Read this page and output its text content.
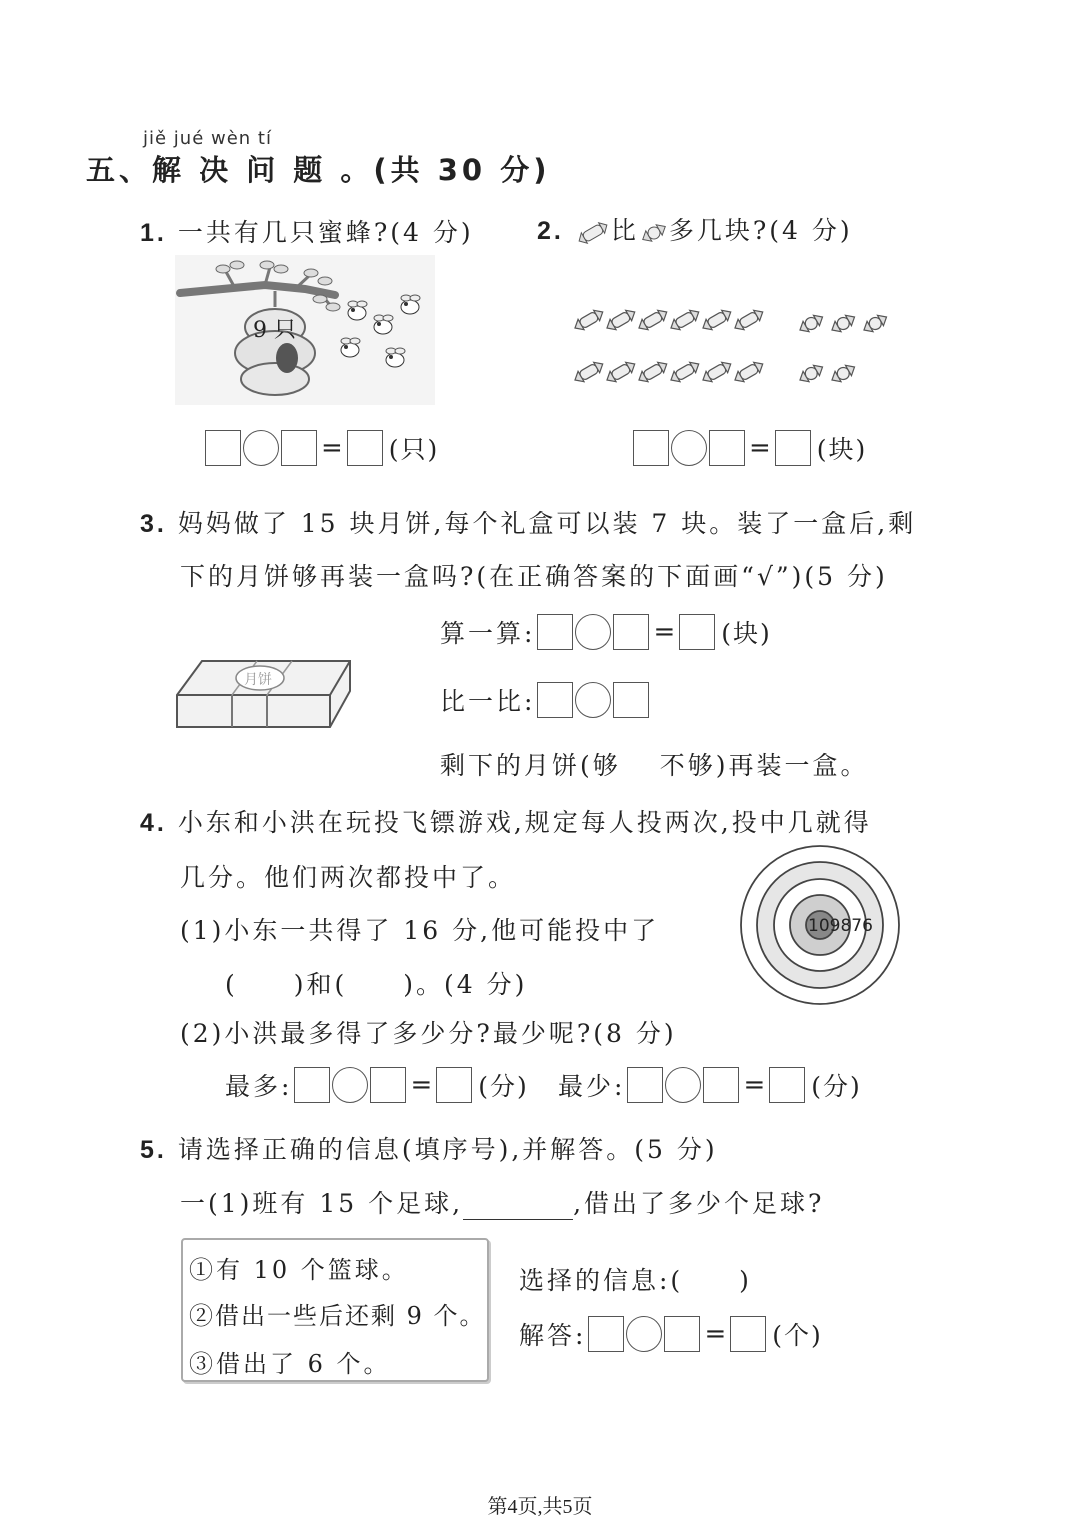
jiě jué wèn tí
五、解 决 问 题 。(共 30 分)
1. 一共有几只蜜蜂?(4 分)
9 只
= (只)
2. 比 多几块?(4 分)
= (块)
3. 妈妈做了 15 块月饼,每个礼盒可以装 7 块。装了一盒后,剩
下的月饼够再装一盒吗?(在正确答案的下面画“√”)(5 分)
算一算:	= (块)
月饼
比一比:
剩下的月饼(够　 不够)再装一盒。
4. 小东和小洪在玩投飞镖游戏,规定每人投两次,投中几就得
几分。他们两次都投中了。
(1)小东一共得了 16 分,他可能投中了
(　　)和(　　)。(4 分)
(2)小洪最多得了多少分?最少呢?(8 分)
109876
最多:	= (分) 最少:	= (分)
5. 请选择正确的信息(填序号),并解答。(5 分)
一(1)班有 15 个足球,	,借出了多少个足球?
①有 10 个篮球。
②借出一些后还剩 9 个。
③借出了 6 个。
选择的信息:(　　)
解答:	= (个)
第4页,共5页
